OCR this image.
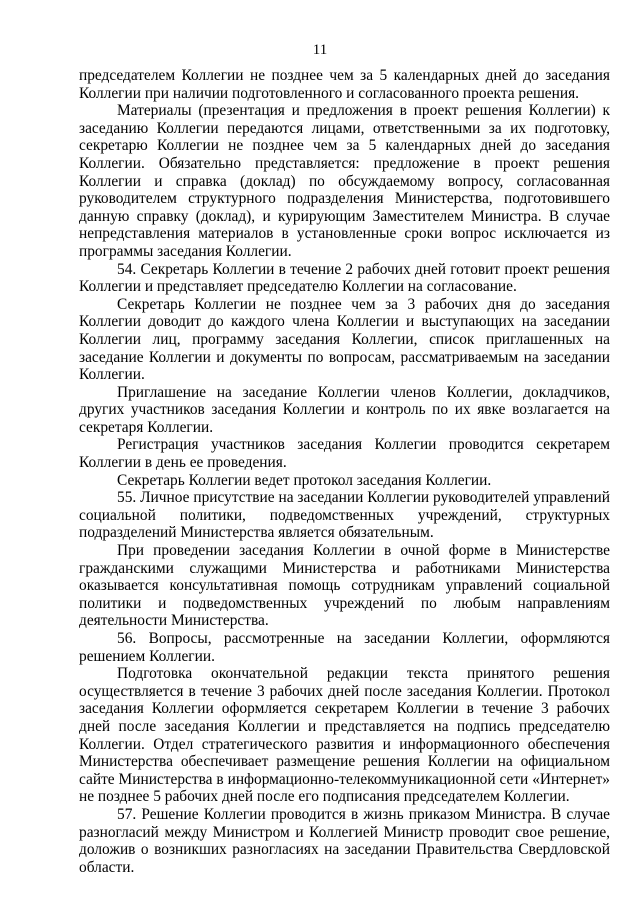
11

председателем Коллегии не позднее чем за 5 календарных дней до заседания Коллегии при наличии подготовленного и согласованного проекта решения.

Материалы (презентация и предложения в проект решения Коллегии) к заседанию Коллегии передаются лицами, ответственными за их подготовку, секретарю Коллегии не позднее чем за 5 календарных дней до заседания Коллегии. Обязательно представляется: предложение в проект решения Коллегии и справка (доклад) по обсуждаемому вопросу, согласованная руководителем структурного подразделения Министерства, подготовившего данную справку (доклад), и курирующим Заместителем Министра. В случае непредставления материалов в установленные сроки вопрос исключается из программы заседания Коллегии.

54. Секретарь Коллегии в течение 2 рабочих дней готовит проект решения Коллегии и представляет председателю Коллегии на согласование.

Секретарь Коллегии не позднее чем за 3 рабочих дня до заседания Коллегии доводит до каждого члена Коллегии и выступающих на заседании Коллегии лиц, программу заседания Коллегии, список приглашенных на заседание Коллегии и документы по вопросам, рассматриваемым на заседании Коллегии.

Приглашение на заседание Коллегии членов Коллегии, докладчиков, других участников заседания Коллегии и контроль по их явке возлагается на секретаря Коллегии.

Регистрация участников заседания Коллегии проводится секретарем Коллегии в день ее проведения.

Секретарь Коллегии ведет протокол заседания Коллегии.

55. Личное присутствие на заседании Коллегии руководителей управлений социальной политики, подведомственных учреждений, структурных подразделений Министерства является обязательным.

При проведении заседания Коллегии в очной форме в Министерстве гражданскими служащими Министерства и работниками Министерства оказывается консультативная помощь сотрудникам управлений социальной политики и подведомственных учреждений по любым направлениям деятельности Министерства.

56. Вопросы, рассмотренные на заседании Коллегии, оформляются решением Коллегии.

Подготовка окончательной редакции текста принятого решения осуществляется в течение 3 рабочих дней после заседания Коллегии. Протокол заседания Коллегии оформляется секретарем Коллегии в течение 3 рабочих дней после заседания Коллегии и представляется на подпись председателю Коллегии. Отдел стратегического развития и информационного обеспечения Министерства обеспечивает размещение решения Коллегии на официальном сайте Министерства в информационно-телекоммуникационной сети «Интернет» не позднее 5 рабочих дней после его подписания председателем Коллегии.

57. Решение Коллегии проводится в жизнь приказом Министра. В случае разногласий между Министром и Коллегией Министр проводит свое решение, доложив о возникших разногласиях на заседании Правительства Свердловской области.
